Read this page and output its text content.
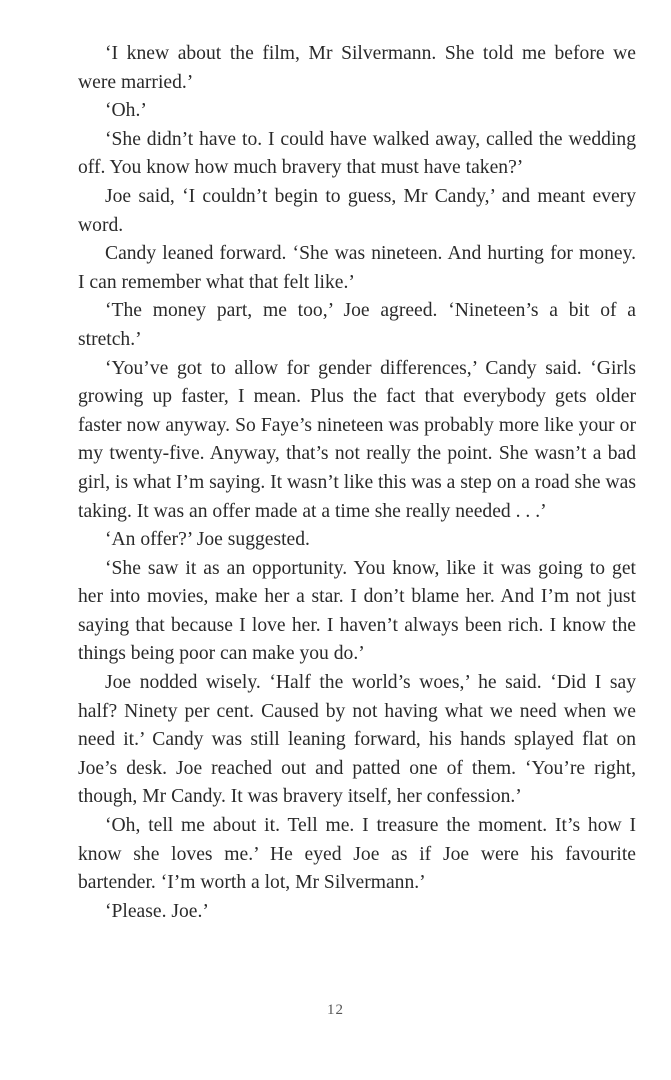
‘I knew about the film, Mr Silvermann. She told me before we were married.’

‘Oh.’

‘She didn’t have to. I could have walked away, called the wedding off. You know how much bravery that must have taken?’

Joe said, ‘I couldn’t begin to guess, Mr Candy,’ and meant every word.

Candy leaned forward. ‘She was nineteen. And hurting for money. I can remember what that felt like.’

‘The money part, me too,’ Joe agreed. ‘Nineteen’s a bit of a stretch.’

‘You’ve got to allow for gender differences,’ Candy said. ‘Girls growing up faster, I mean. Plus the fact that everybody gets older faster now anyway. So Faye’s nineteen was probably more like your or my twenty-five. Anyway, that’s not really the point. She wasn’t a bad girl, is what I’m saying. It wasn’t like this was a step on a road she was taking. It was an offer made at a time she really needed . . .’

‘An offer?’ Joe suggested.

‘She saw it as an opportunity. You know, like it was going to get her into movies, make her a star. I don’t blame her. And I’m not just saying that because I love her. I haven’t always been rich. I know the things being poor can make you do.’

Joe nodded wisely. ‘Half the world’s woes,’ he said. ‘Did I say half? Ninety per cent. Caused by not having what we need when we need it.’ Candy was still leaning forward, his hands splayed flat on Joe’s desk. Joe reached out and patted one of them. ‘You’re right, though, Mr Candy. It was bravery itself, her confession.’

‘Oh, tell me about it. Tell me. I treasure the moment. It’s how I know she loves me.’ He eyed Joe as if Joe were his favourite bartender. ‘I’m worth a lot, Mr Silvermann.’

‘Please. Joe.’

12
